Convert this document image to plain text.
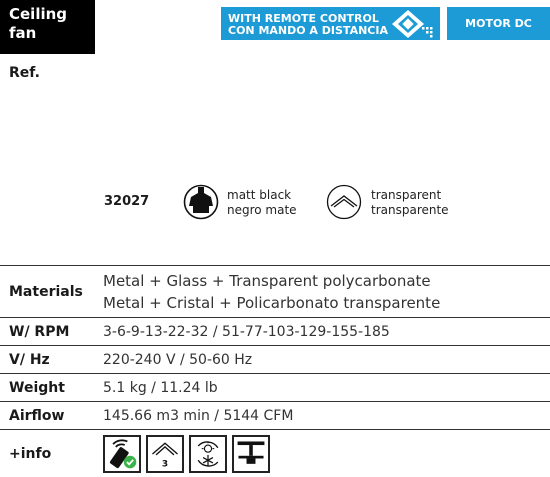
Ceiling
fan
WITH REMOTE CONTROL
CON MANDO A DISTANCIA
MOTOR DC
Ref.
32027	matt black
negro mate
transparent
transparente
Materials	Metal + Glass + Transparent polycarbonate
Metal + Cristal + Policarbonato transparente

W/ RPM	3-6-9-13-22-32 / 51-77-103-129-155-185
V/ Hz	220-240 V / 50-60 Hz
Weight	5.1 kg / 11.24 lb
Airflow	145.66 m3 min / 5144 CFM
+info	3
